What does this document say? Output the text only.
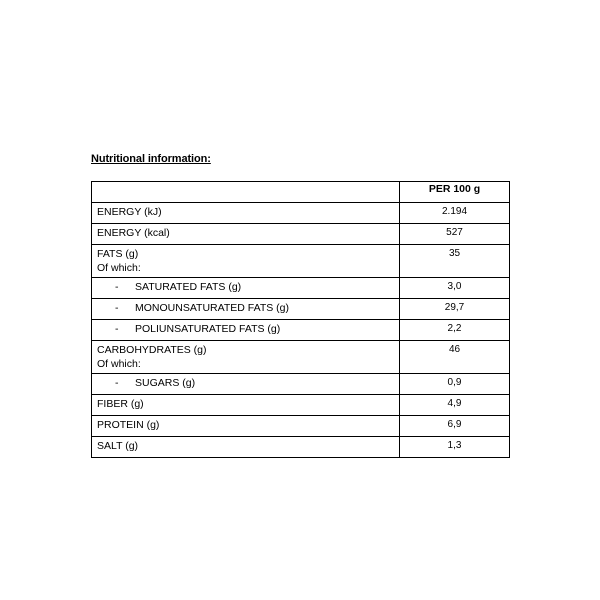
Nutritional information:
	PER 100 g
ENERGY (kJ)	2.194
ENERGY (kcal)	527

FATS (g)
Of which:	35
- SATURATED FATS (g)	3,0
- MONOUNSATURATED FATS (g)	29,7
- POLIUNSATURATED FATS (g)	2,2

CARBOHYDRATES (g)
Of which:	46
- SUGARS (g)	0,9
FIBER (g)	4,9
PROTEIN (g)	6,9
SALT (g)	1,3
